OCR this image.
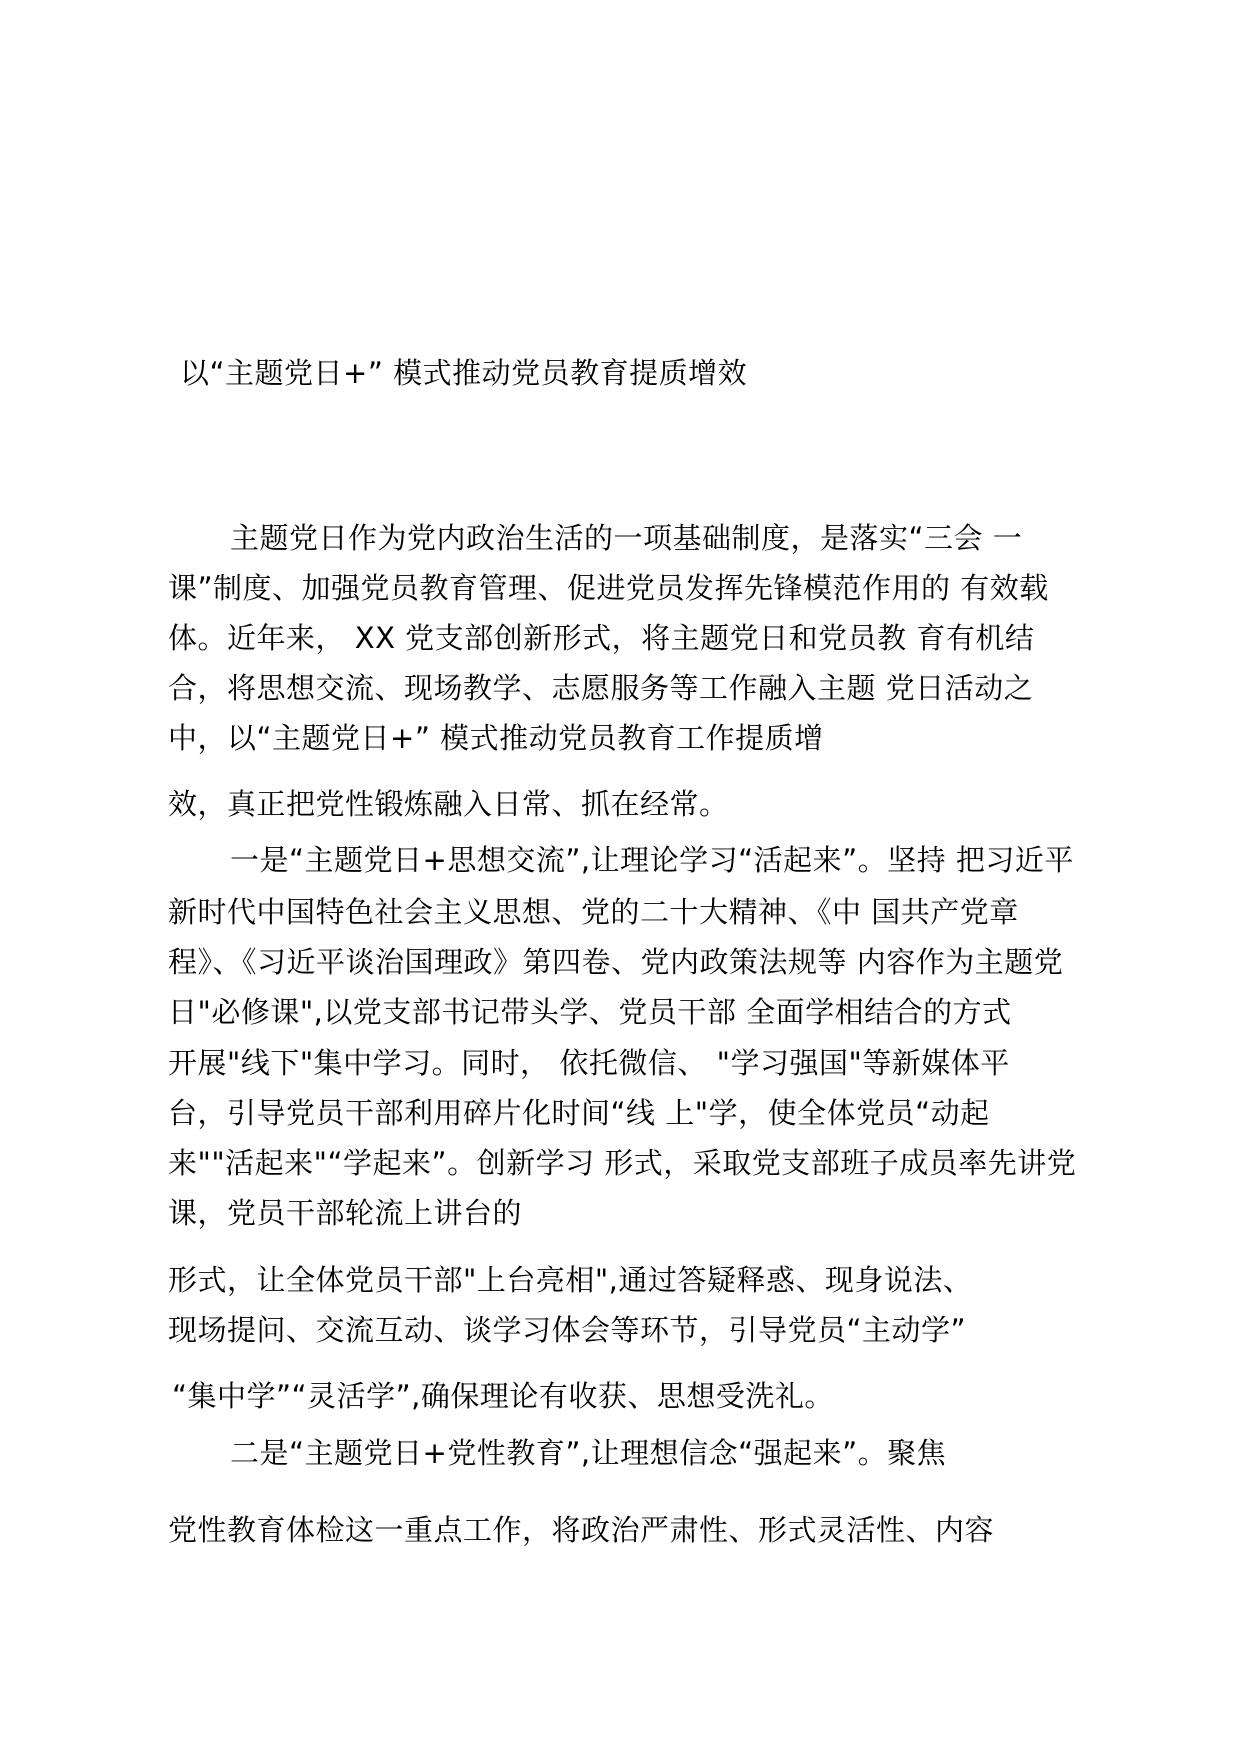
以“主题党日+” 模式推动党员教育提质增效
主题党日作为党内政治生活的一项基础制度，是落实“三会 一
课”制度、加强党员教育管理、促进党员发挥先锋模范作用的 有效载
体。近年来， XX 党支部创新形式，将主题党日和党员教 育有机结
合，将思想交流、现场教学、志愿服务等工作融入主题 党日活动之
中，以“主题党日+” 模式推动党员教育工作提质增
效，真正把党性锻炼融入日常、抓在经常。
一是“主题党日+思想交流”,让理论学习“活起来”。坚持 把习近平
新时代中国特色社会主义思想、党的二十大精神、《中 国共产党章
程》、《习近平谈治国理政》第四卷、党内政策法规等 内容作为主题党
日"必修课",以党支部书记带头学、党员干部 全面学相结合的方式
开展"线下"集中学习。同时， 依托微信、 "学习强国"等新媒体平
台，引导党员干部利用碎片化时间“线 上"学，使全体党员“动起
来""活起来"“学起来”。创新学习 形式，采取党支部班子成员率先讲党
课，党员干部轮流上讲台的
形式，让全体党员干部"上台亮相",通过答疑释惑、现身说法、
现场提问、交流互动、谈学习体会等环节，引导党员“主动学”
“集中学”“灵活学”,确保理论有收获、思想受洗礼。
二是“主题党日+党性教育”,让理想信念“强起来”。聚焦
党性教育体检这一重点工作，将政治严肃性、形式灵活性、内容
